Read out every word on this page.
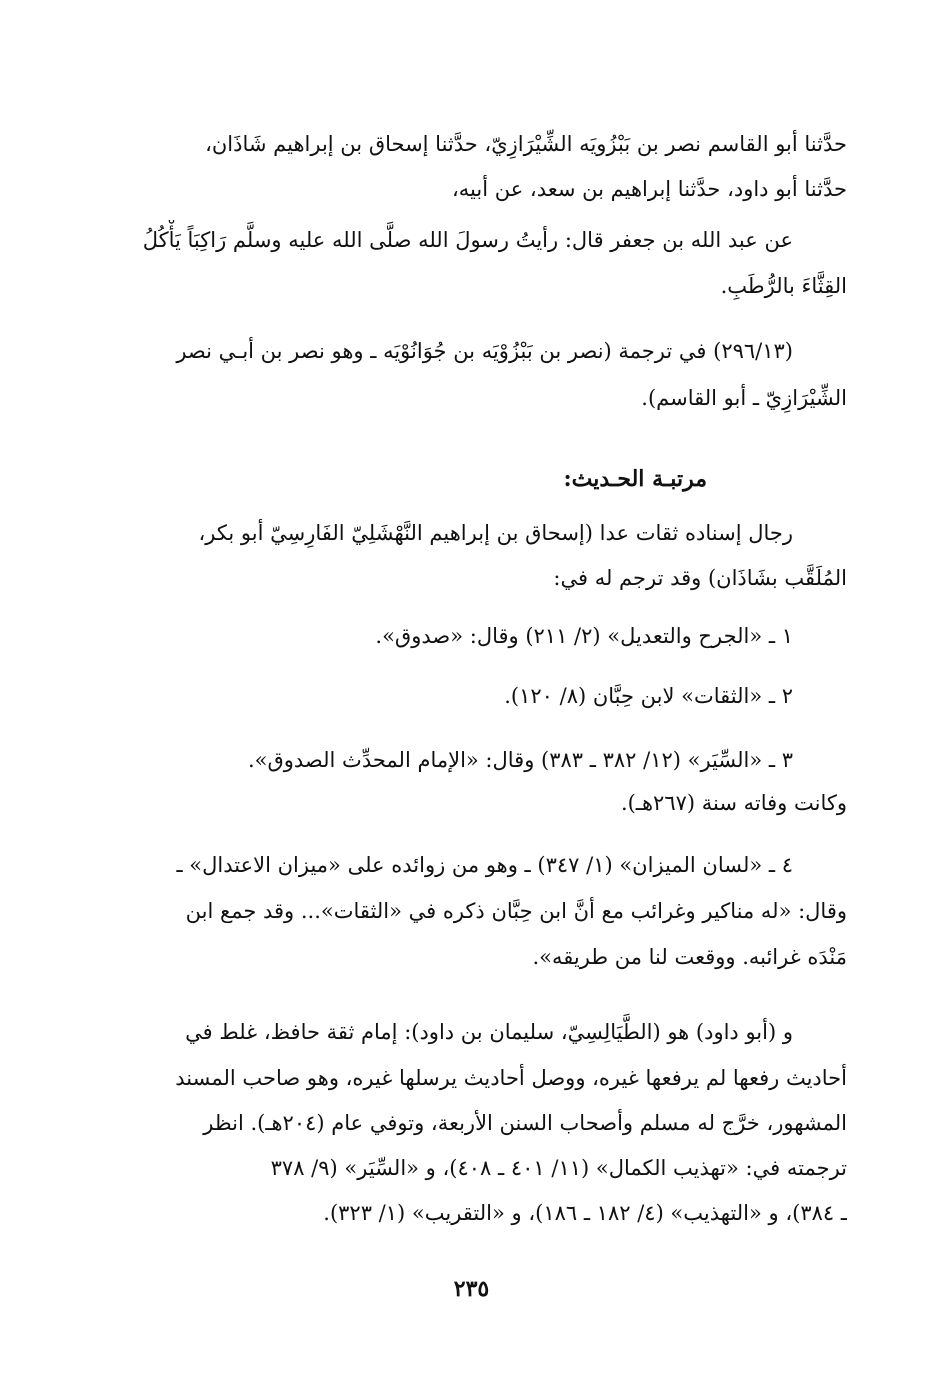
حدَّثنا أبو القاسم نصر بن بَبْزُويَه الشِّيْرَازِيّ، حدَّثنا إسحاق بن إبراهيم شَاذَان،
حدَّثنا أبو داود، حدَّثنا إبراهيم بن سعد، عن أبيه،
عن عبد الله بن جعفر قال: رأيتُ رسولَ الله صلَّى الله عليه وسلَّم رَاكِبَاً يَأْكُلُ
القِثَّاءَ بالرُّطَبِ.
(٢٩٦/١٣) في ترجمة (نصر بن بَبْزُوْيَه بن جُوَانُوْيَه ـ وهو نصر بن أبـي نصر
الشِّيْرَازِيّ ـ أبو القاسم).
مرتبـة الحـديث:
رجال إسناده ثقات عدا (إسحاق بن إبراهيم النَّهْشَلِيّ الفَارِسِيّ أبو بكر،
المُلَقَّب بشَاذَان) وقد ترجم له في:
١ ـ «الجرح والتعديل» (٢/ ٢١١) وقال: «صدوق».
٢ ـ «الثقات» لابن حِبَّان (٨/ ١٢٠).
٣ ـ «السِّيَر» (١٢/ ٣٨٢ ـ ٣٨٣) وقال: «الإمام المحدِّث الصدوق».
وكانت وفاته سنة (٢٦٧هـ).
٤ ـ «لسان الميزان» (١/ ٣٤٧) ـ وهو من زوائده على «ميزان الاعتدال» ـ
وقال: «له مناكير وغرائب مع أنَّ ابن حِبَّان ذكره في «الثقات»... وقد جمع ابن
مَنْدَه غرائبه. ووقعت لنا من طريقه».
و (أبو داود) هو (الطَّيَالِسِيّ، سليمان بن داود): إمام ثقة حافظ، غلط في
أحاديث رفعها لم يرفعها غيره، ووصل أحاديث يرسلها غيره، وهو صاحب المسند
المشهور، خرَّج له مسلم وأصحاب السنن الأربعة، وتوفي عام (٢٠٤هـ). انظر
ترجمته في: «تهذيب الكمال» (١١/ ٤٠١ ـ ٤٠٨)، و «السِّيَر» (٩/ ٣٧٨
ـ ٣٨٤)، و «التهذيب» (٤/ ١٨٢ ـ ١٨٦)، و «التقريب» (١/ ٣٢٣).
٢٣٥
